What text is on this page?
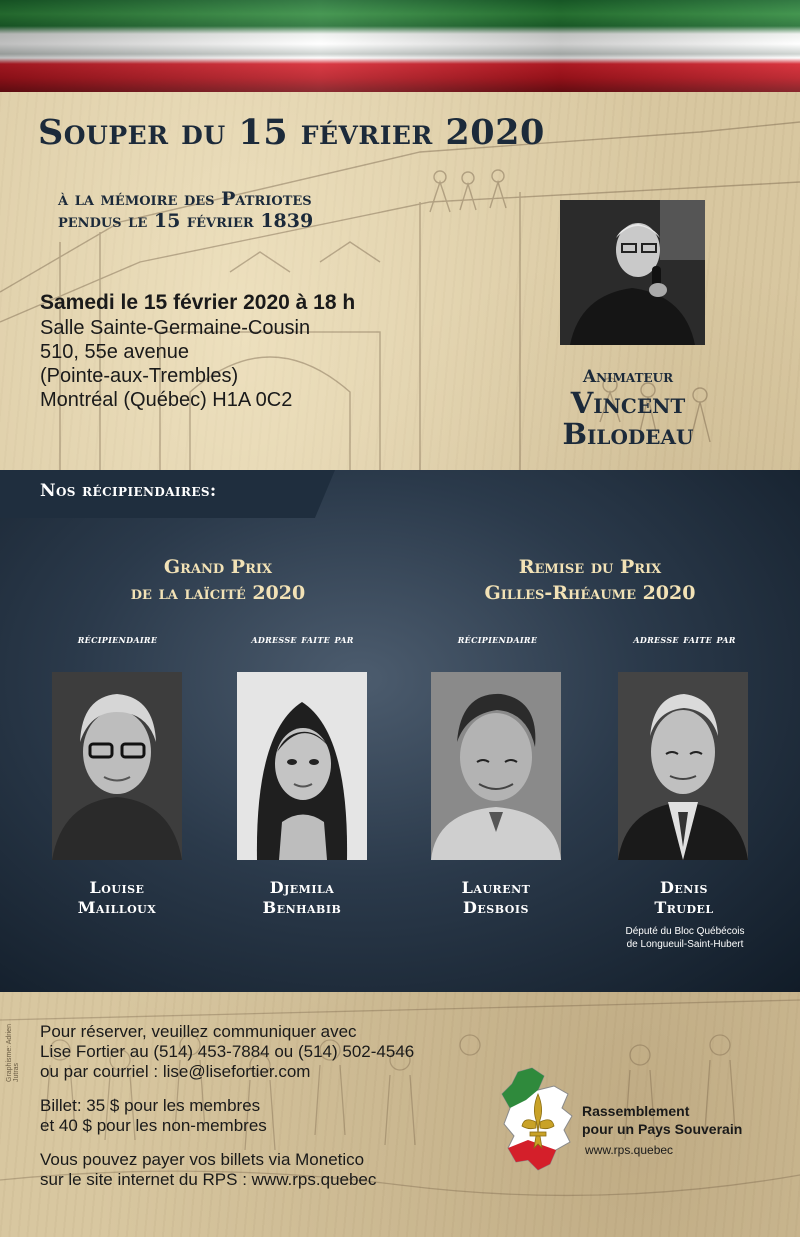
Souper du 15 février 2020
à la mémoire des Patriotes
pendus le 15 février 1839
Samedi le 15 février 2020 à 18 h
Salle Sainte-Germaine-Cousin
510, 55e avenue
(Pointe-aux-Trembles)
Montréal (Québec) H1A 0C2
Animateur
Vincent
Bilodeau
Nos récipiendaires:
Grand Prix
de la laïcité 2020
Remise du Prix
Gilles-Rhéaume 2020
récipiendaire	adresse faite par	récipiendaire	adresse faite par
Louise
Mailloux
Djemila
Benhabib
Laurent
Desbois
Denis
Trudel
Député du Bloc Québécois
de Longueuil-Saint-Hubert
Graphisme: Adrien Jutras
Pour réserver, veuillez communiquer avec
Lise Fortier au (514) 453-7884 ou (514) 502-4546
ou par courriel : lise@lisefortier.com
Billet: 35 $ pour les membres
et 40 $ pour les non-membres
Vous pouvez payer vos billets via Monetico
sur le site internet du RPS : www.rps.quebec
Rassemblement
pour un Pays Souverain
www.rps.quebec
